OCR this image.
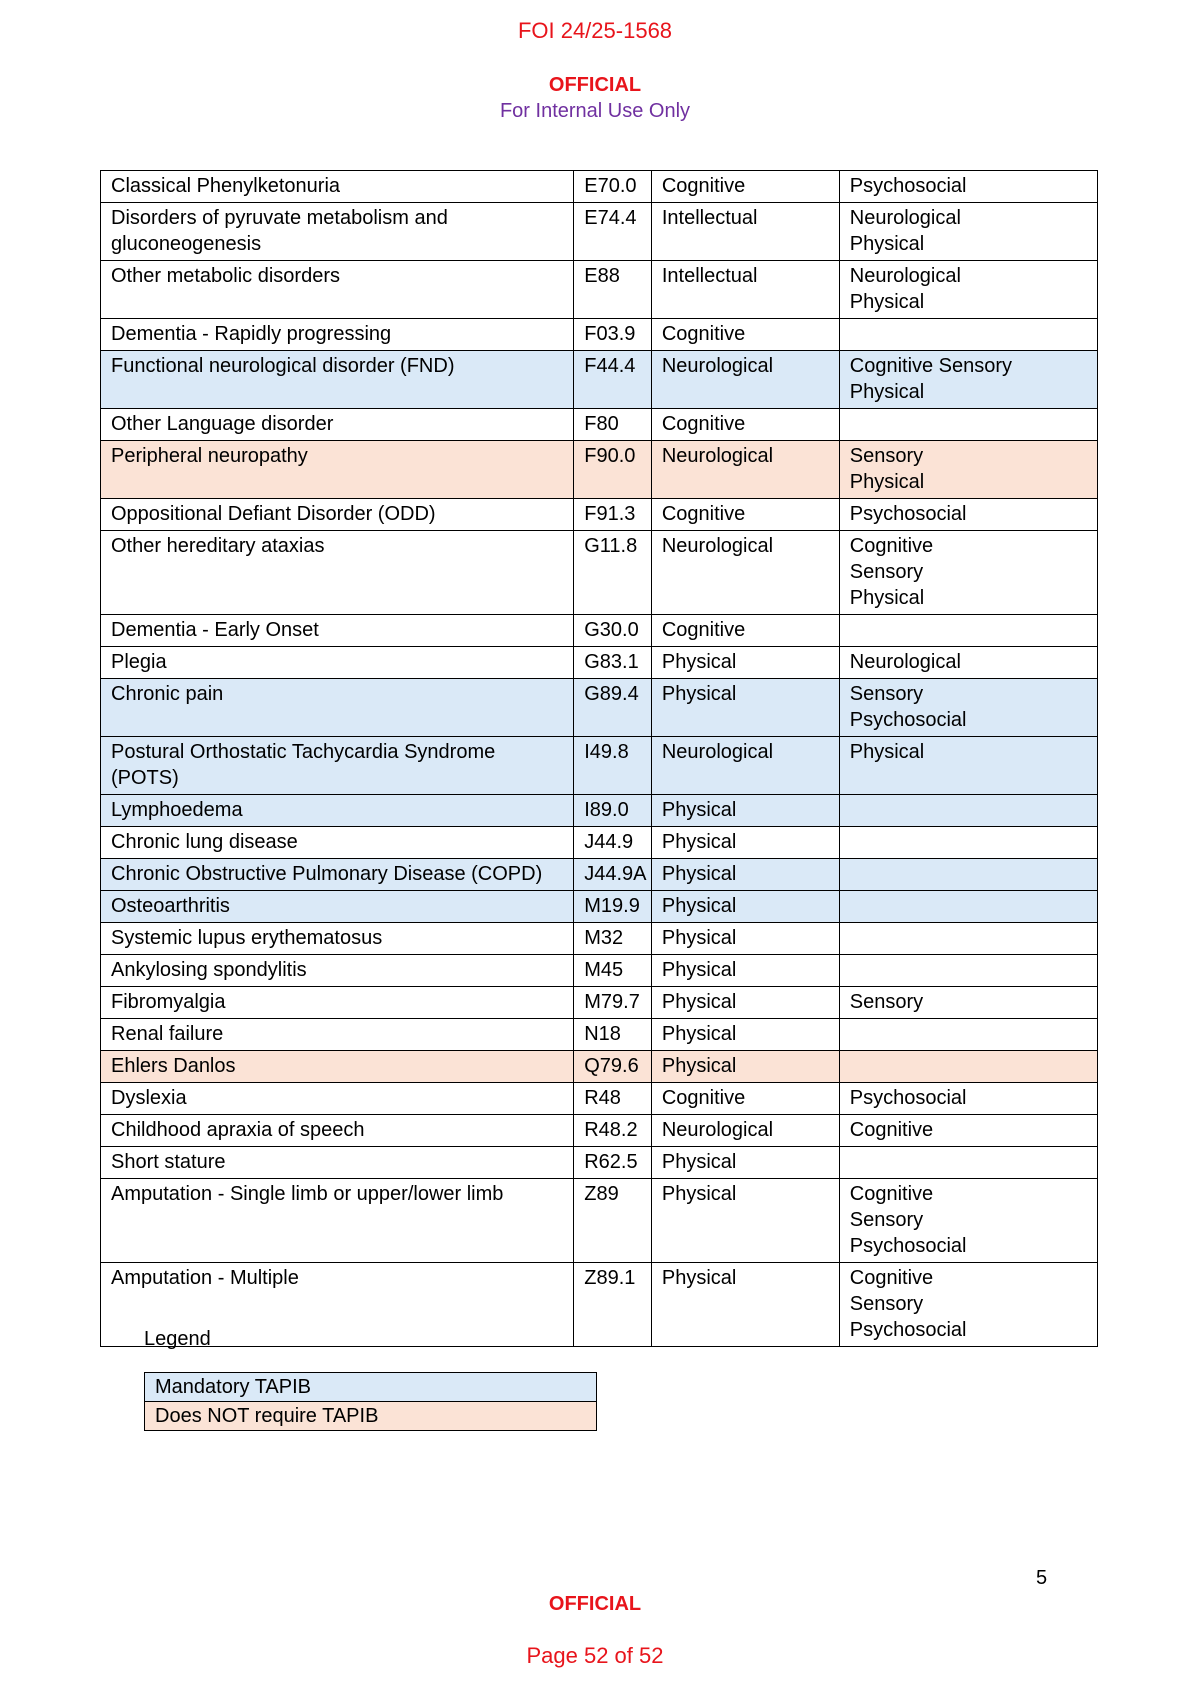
FOI 24/25-1568
OFFICIAL
For Internal Use Only
Classical Phenylketonuria	E70.0	Cognitive	Psychosocial

Disorders of pyruvate metabolism and gluconeogenesis	E74.4	Intellectual	Neurological
Physical

Other metabolic disorders	E88	Intellectual	Neurological
Physical

Dementia - Rapidly progressing	F03.9	Cognitive	
Functional neurological disorder (FND)	F44.4	Neurological	Cognitive Sensory
Physical

Other Language disorder	F80	Cognitive	
Peripheral neuropathy	F90.0	Neurological	Sensory
Physical

Oppositional Defiant Disorder (ODD)	F91.3	Cognitive	Psychosocial

Other hereditary ataxias	G11.8	Neurological	Cognitive
Sensory
Physical

Dementia - Early Onset	G30.0	Cognitive	
Plegia	G83.1	Physical	Neurological

Chronic pain	G89.4	Physical	Sensory
Psychosocial

Postural Orthostatic Tachycardia Syndrome (POTS)	I49.8	Neurological	Physical

Lymphoedema	I89.0	Physical	
Chronic lung disease	J44.9	Physical	
Chronic Obstructive Pulmonary Disease (COPD)	J44.9A	Physical	
Osteoarthritis	M19.9	Physical	
Systemic lupus erythematosus	M32	Physical	
Ankylosing spondylitis	M45	Physical	
Fibromyalgia	M79.7	Physical	Sensory

Renal failure	N18	Physical	
Ehlers Danlos	Q79.6	Physical	
Dyslexia	R48	Cognitive	Psychosocial

Childhood apraxia of speech	R48.2	Neurological	Cognitive

Short stature	R62.5	Physical	
Amputation - Single limb or upper/lower limb	Z89	Physical	Cognitive
Sensory
Psychosocial

Amputation - Multiple	Z89.1	Physical	Cognitive
Sensory
Psychosocial
Legend
Mandatory TAPIB
Does NOT require TAPIB
5
OFFICIAL
Page 52 of 52
